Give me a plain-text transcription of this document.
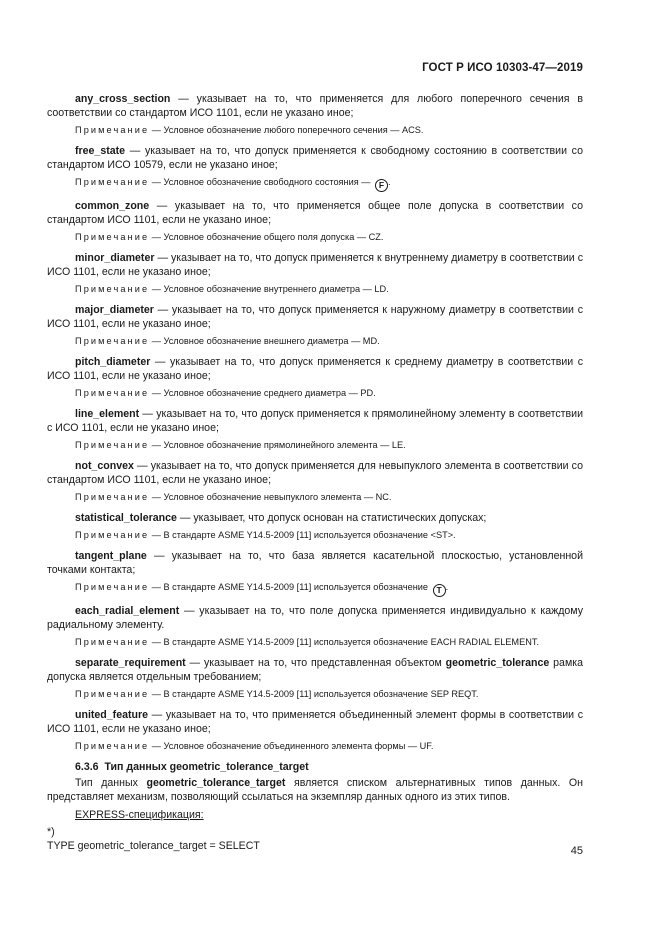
ГОСТ Р ИСО 10303-47—2019

any_cross_section — указывает на то, что применяется для любого поперечного сечения в соответствии со стандартом ИСО 1101, если не указано иное;

Примечание — Условное обозначение любого поперечного сечения — ACS.

free_state — указывает на то, что допуск применяется к свободному состоянию в соответствии со стандартом ИСО 10579, если не указано иное;

Примечание — Условное обозначение свободного состояния — F .

common_zone — указывает на то, что применяется общее поле допуска в соответствии со стандартом ИСО 1101, если не указано иное;

Примечание — Условное обозначение общего поля допуска — CZ.

minor_diameter — указывает на то, что допуск применяется к внутреннему диаметру в соответствии с ИСО 1101, если не указано иное;

Примечание — Условное обозначение внутреннего диаметра — LD.

major_diameter — указывает на то, что допуск применяется к наружному диаметру в соответствии с ИСО 1101, если не указано иное;

Примечание — Условное обозначение внешнего диаметра — MD.

pitch_diameter — указывает на то, что допуск применяется к среднему диаметру в соответствии с ИСО 1101, если не указано иное;

Примечание — Условное обозначение среднего диаметра — PD.

line_element — указывает на то, что допуск применяется к прямолинейному элементу в соответствии с ИСО 1101, если не указано иное;

Примечание — Условное обозначение прямолинейного элемента — LE.

not_convex — указывает на то, что допуск применяется для невыпуклого элемента в соответствии со стандартом ИСО 1101, если не указано иное;

Примечание — Условное обозначение невыпуклого элемента — NC.

statistical_tolerance — указывает, что допуск основан на статистических допусках;

Примечание — В стандарте ASME Y14.5-2009 [11] используется обозначение <ST>.

tangent_plane — указывает на то, что база является касательной плоскостью, установленной точками контакта;

Примечание — В стандарте ASME Y14.5-2009 [11] используется обозначение T .

each_radial_element — указывает на то, что поле допуска применяется индивидуально к каждому радиальному элементу.

Примечание — В стандарте ASME Y14.5-2009 [11] используется обозначение EACH RADIAL ELEMENT.

separate_requirement — указывает на то, что представленная объектом geometric_tolerance рамка допуска является отдельным требованием;

Примечание — В стандарте ASME Y14.5-2009 [11] используется обозначение SEP REQT.

united_feature — указывает на то, что применяется объединенный элемент формы в соответствии с ИСО 1101, если не указано иное;

Примечание — Условное обозначение объединенного элемента формы — UF.

6.3.6 Тип данных geometric_tolerance_target

Тип данных geometric_tolerance_target является списком альтернативных типов данных. Он представляет механизм, позволяющий ссылаться на экземпляр данных одного из этих типов.

EXPRESS-спецификация:

*)

TYPE geometric_tolerance_target = SELECT	45
